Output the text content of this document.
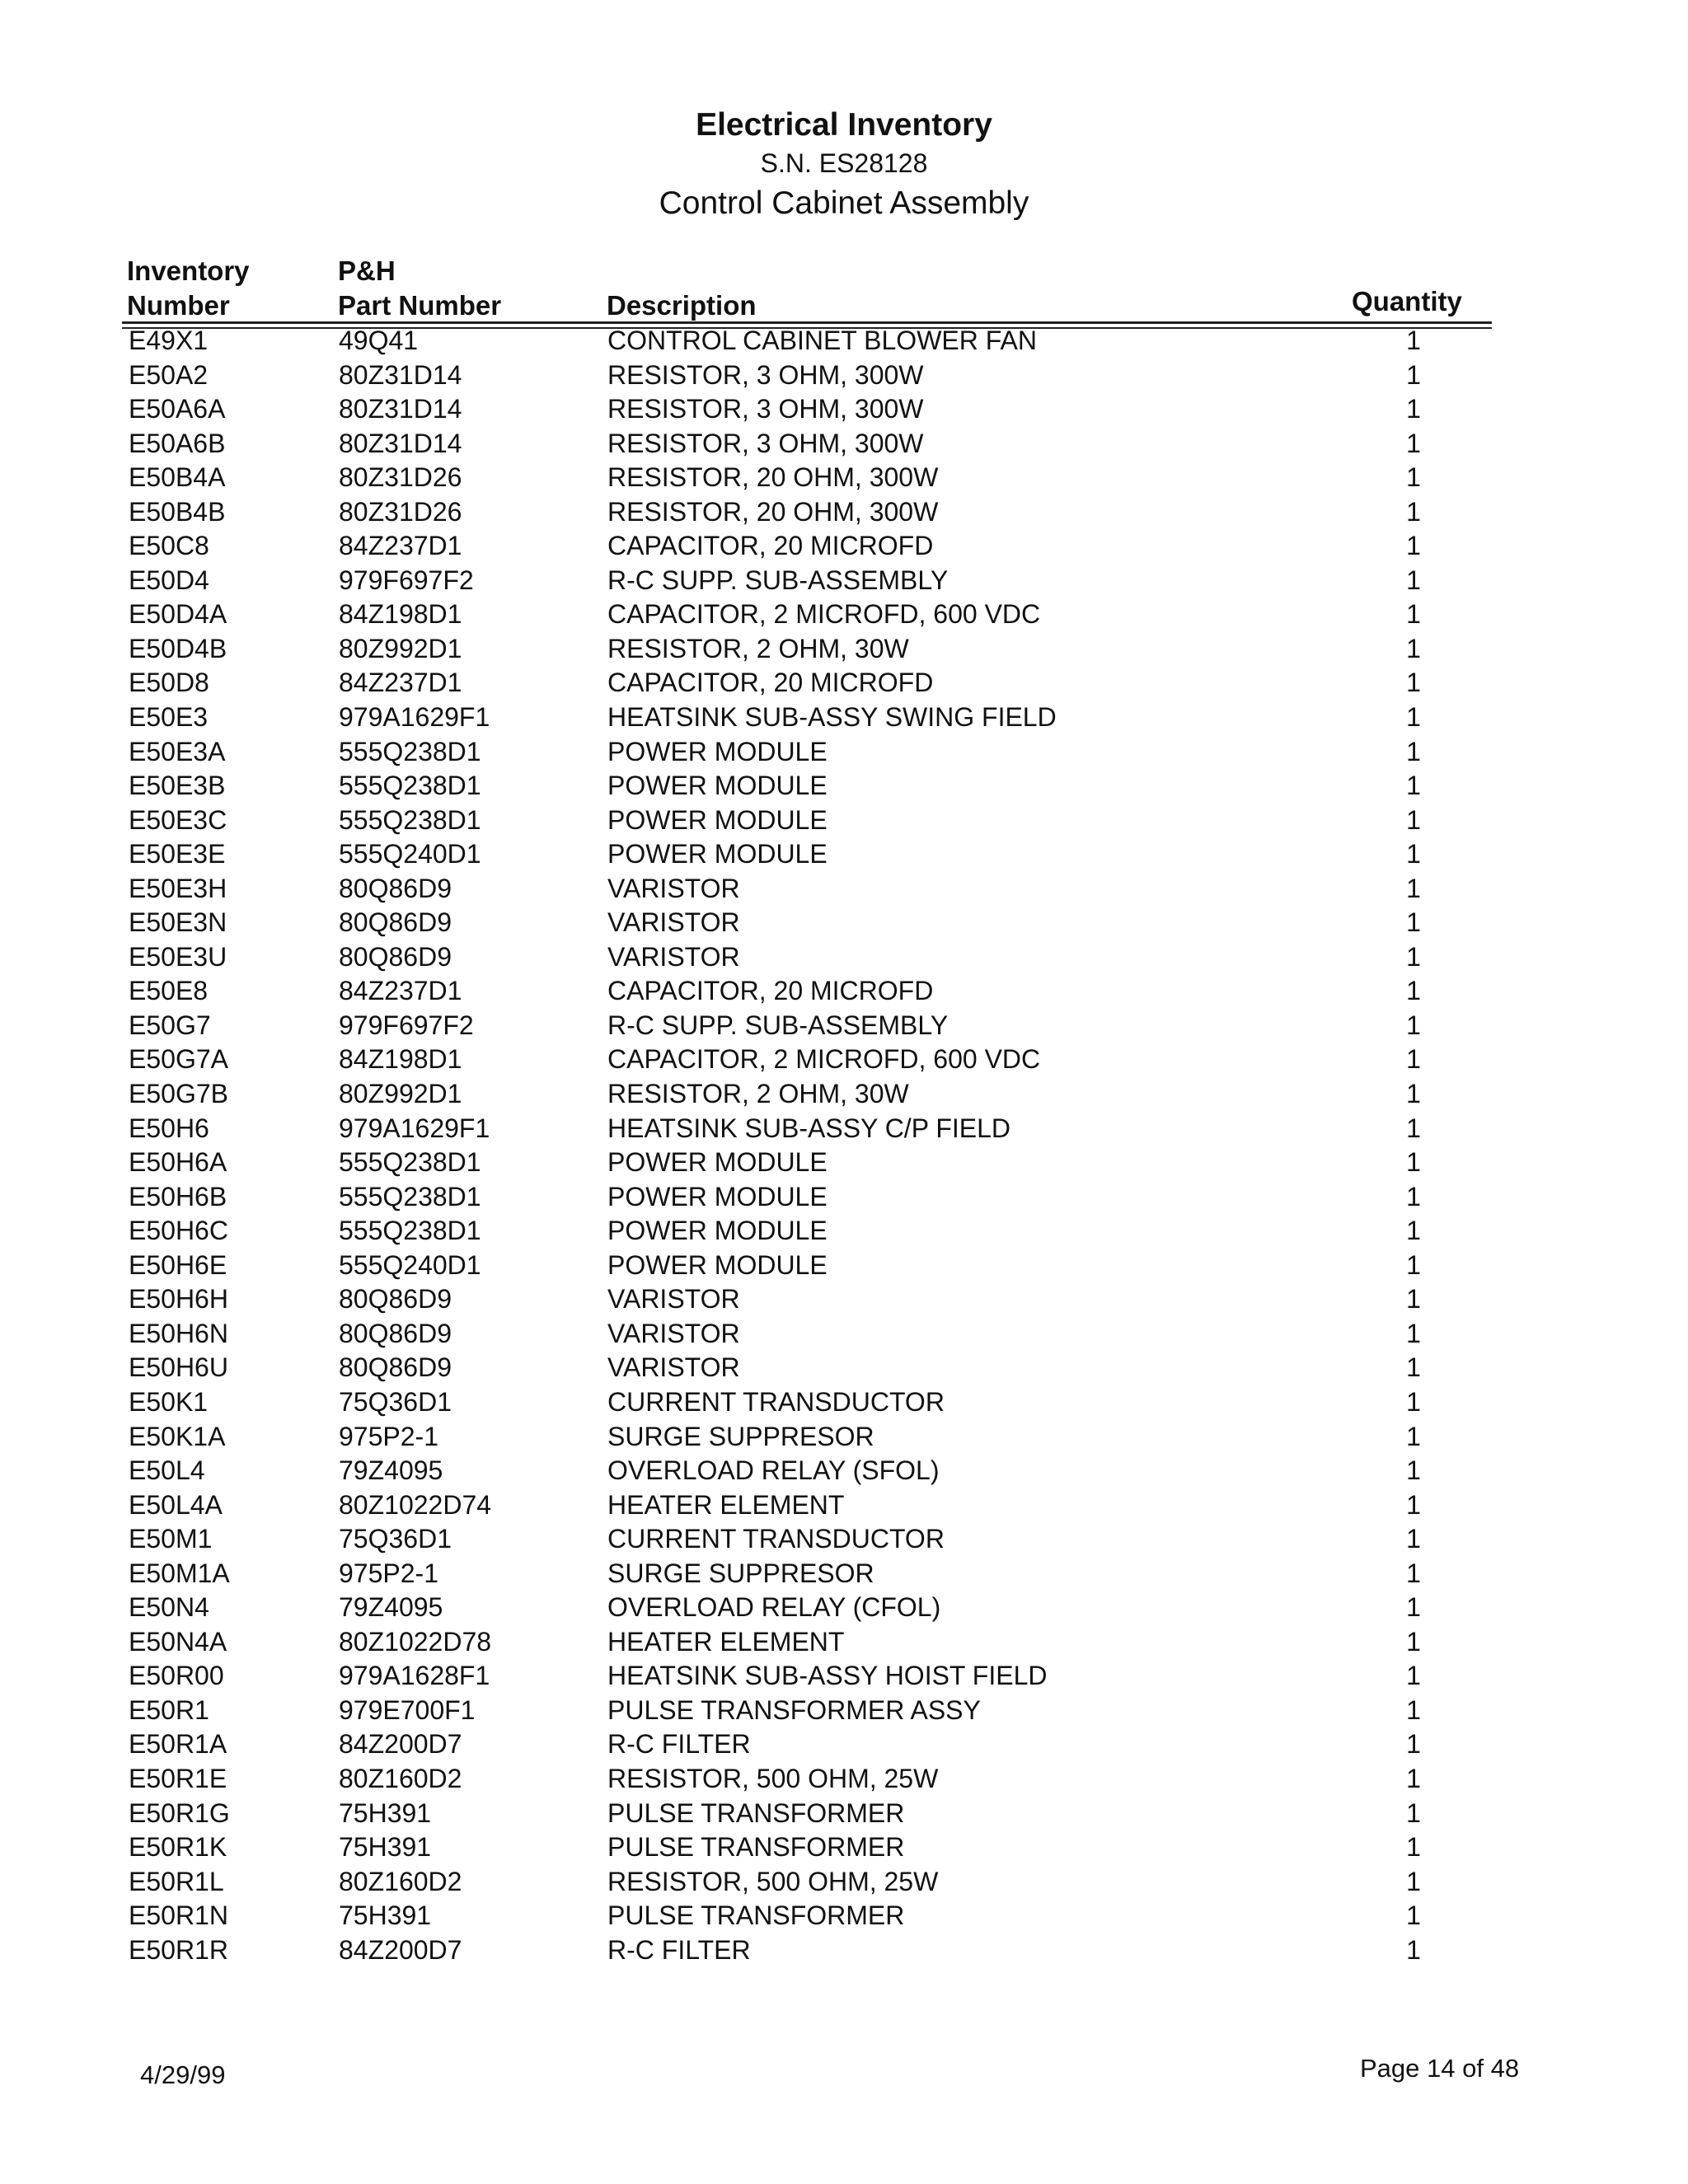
Electrical Inventory
S.N. ES28128
Control Cabinet Assembly
Inventory
Number
P&H
Part Number	Description	Quantity
E49X1	49Q41	CONTROL CABINET BLOWER FAN	1
E50A2	80Z31D14	RESISTOR, 3 OHM, 300W	1
E50A6A	80Z31D14	RESISTOR, 3 OHM, 300W	1
E50A6B	80Z31D14	RESISTOR, 3 OHM, 300W	1
E50B4A	80Z31D26	RESISTOR, 20 OHM, 300W	1
E50B4B	80Z31D26	RESISTOR, 20 OHM, 300W	1
E50C8	84Z237D1	CAPACITOR, 20 MICROFD	1
E50D4	979F697F2	R-C SUPP. SUB-ASSEMBLY	1
E50D4A	84Z198D1	CAPACITOR, 2 MICROFD, 600 VDC	1
E50D4B	80Z992D1	RESISTOR, 2 OHM, 30W	1
E50D8	84Z237D1	CAPACITOR, 20 MICROFD	1
E50E3	979A1629F1	HEATSINK SUB-ASSY SWING FIELD	1
E50E3A	555Q238D1	POWER MODULE	1
E50E3B	555Q238D1	POWER MODULE	1
E50E3C	555Q238D1	POWER MODULE	1
E50E3E	555Q240D1	POWER MODULE	1
E50E3H	80Q86D9	VARISTOR	1
E50E3N	80Q86D9	VARISTOR	1
E50E3U	80Q86D9	VARISTOR	1
E50E8	84Z237D1	CAPACITOR, 20 MICROFD	1
E50G7	979F697F2	R-C SUPP. SUB-ASSEMBLY	1
E50G7A	84Z198D1	CAPACITOR, 2 MICROFD, 600 VDC	1
E50G7B	80Z992D1	RESISTOR, 2 OHM, 30W	1
E50H6	979A1629F1	HEATSINK SUB-ASSY C/P FIELD	1
E50H6A	555Q238D1	POWER MODULE	1
E50H6B	555Q238D1	POWER MODULE	1
E50H6C	555Q238D1	POWER MODULE	1
E50H6E	555Q240D1	POWER MODULE	1
E50H6H	80Q86D9	VARISTOR	1
E50H6N	80Q86D9	VARISTOR	1
E50H6U	80Q86D9	VARISTOR	1
E50K1	75Q36D1	CURRENT TRANSDUCTOR	1
E50K1A	975P2-1	SURGE SUPPRESOR	1
E50L4	79Z4095	OVERLOAD RELAY (SFOL)	1
E50L4A	80Z1022D74	HEATER ELEMENT	1
E50M1	75Q36D1	CURRENT TRANSDUCTOR	1
E50M1A	975P2-1	SURGE SUPPRESOR	1
E50N4	79Z4095	OVERLOAD RELAY (CFOL)	1
E50N4A	80Z1022D78	HEATER ELEMENT	1
E50R00	979A1628F1	HEATSINK SUB-ASSY HOIST FIELD	1
E50R1	979E700F1	PULSE TRANSFORMER ASSY	1
E50R1A	84Z200D7	R-C FILTER	1
E50R1E	80Z160D2	RESISTOR, 500 OHM, 25W	1
E50R1G	75H391	PULSE TRANSFORMER	1
E50R1K	75H391	PULSE TRANSFORMER	1
E50R1L	80Z160D2	RESISTOR, 500 OHM, 25W	1
E50R1N	75H391	PULSE TRANSFORMER	1
E50R1R	84Z200D7	R-C FILTER	1
4/29/99	Page 14 of 48
